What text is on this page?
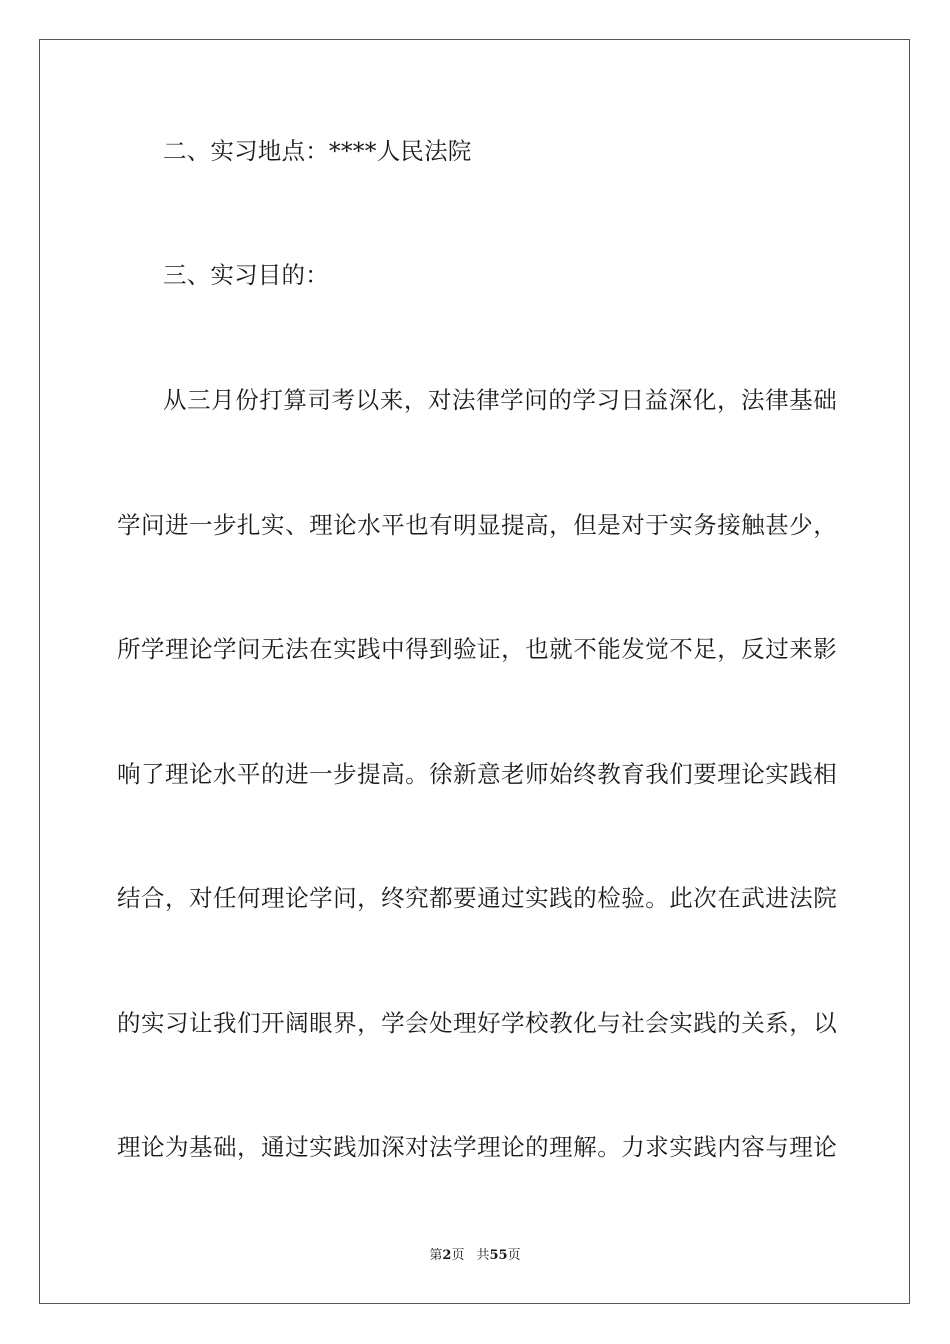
二、实习地点：****人民法院
三、实习目的：
从三月份打算司考以来，对法律学问的学习日益深化，法律基础
学问进一步扎实、理论水平也有明显提高，但是对于实务接触甚少，
所学理论学问无法在实践中得到验证，也就不能发觉不足，反过来影
响了理论水平的进一步提高。徐新意老师始终教育我们要理论实践相
结合，对任何理论学问，终究都要通过实践的检验。此次在武进法院
的实习让我们开阔眼界，学会处理好学校教化与社会实践的关系，以
理论为基础，通过实践加深对法学理论的理解。力求实践内容与理论
第2页 共55页
